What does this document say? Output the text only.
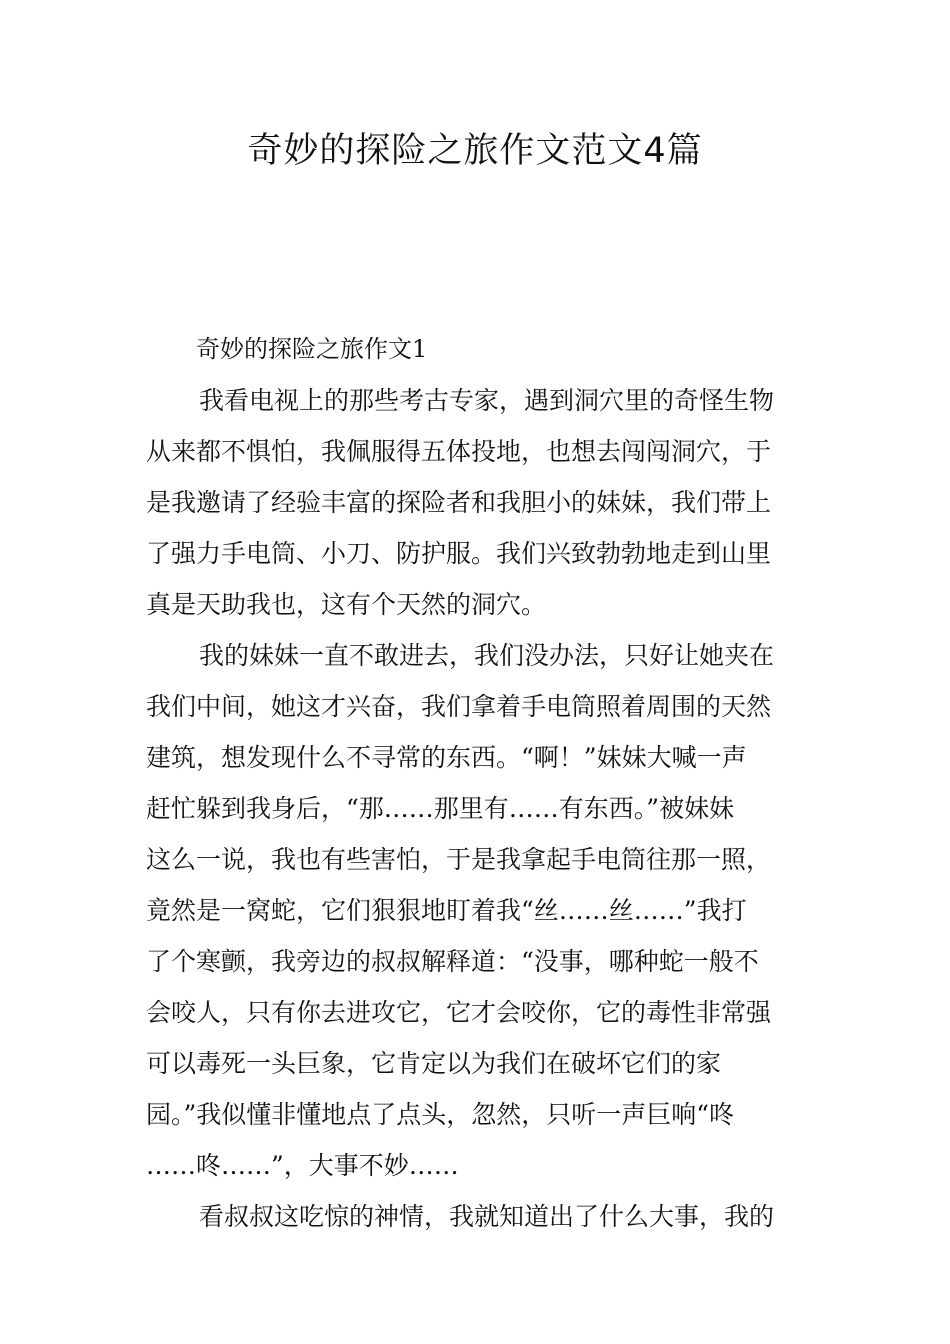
奇妙的探险之旅作文范文4篇
奇妙的探险之旅作文1
我看电视上的那些考古专家，遇到洞穴里的奇怪生物
从来都不惧怕，我佩服得五体投地，也想去闯闯洞穴，于
是我邀请了经验丰富的探险者和我胆小的妹妹，我们带上
了强力手电筒、小刀、防护服。我们兴致勃勃地走到山里
真是天助我也，这有个天然的洞穴。
我的妹妹一直不敢进去，我们没办法，只好让她夹在
我们中间，她这才兴奋，我们拿着手电筒照着周围的天然
建筑，想发现什么不寻常的东西。“啊！”妹妹大喊一声
赶忙躲到我身后，“那……那里有……有东西。”被妹妹
这么一说，我也有些害怕，于是我拿起手电筒往那一照，
竟然是一窝蛇，它们狠狠地盯着我“丝……丝……”我打
了个寒颤，我旁边的叔叔解释道：“没事，哪种蛇一般不
会咬人，只有你去进攻它，它才会咬你，它的毒性非常强
可以毒死一头巨象，它肯定以为我们在破坏它们的家
园。”我似懂非懂地点了点头，忽然，只听一声巨响“咚
……咚……”，大事不妙……
看叔叔这吃惊的神情，我就知道出了什么大事，我的
